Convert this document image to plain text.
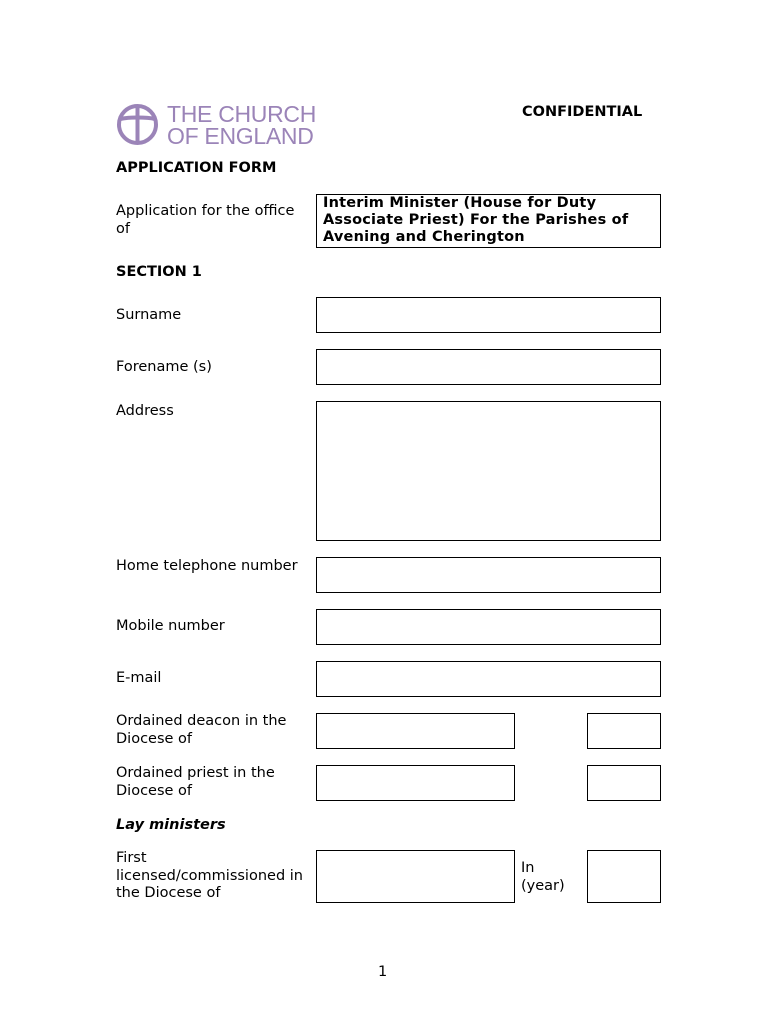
THE CHURCH
OF ENGLAND
CONFIDENTIAL
APPLICATION FORM
Application for the office of
Interim Minister (House for Duty Associate Priest) For the Parishes of Avening and Cherington
SECTION 1
Surname
Forename (s)
Address
Home telephone number
Mobile number
E-mail
Ordained deacon in the Diocese of
Ordained priest in the Diocese of
Lay ministers
First licensed/commissioned in the Diocese of
In (year)
1
